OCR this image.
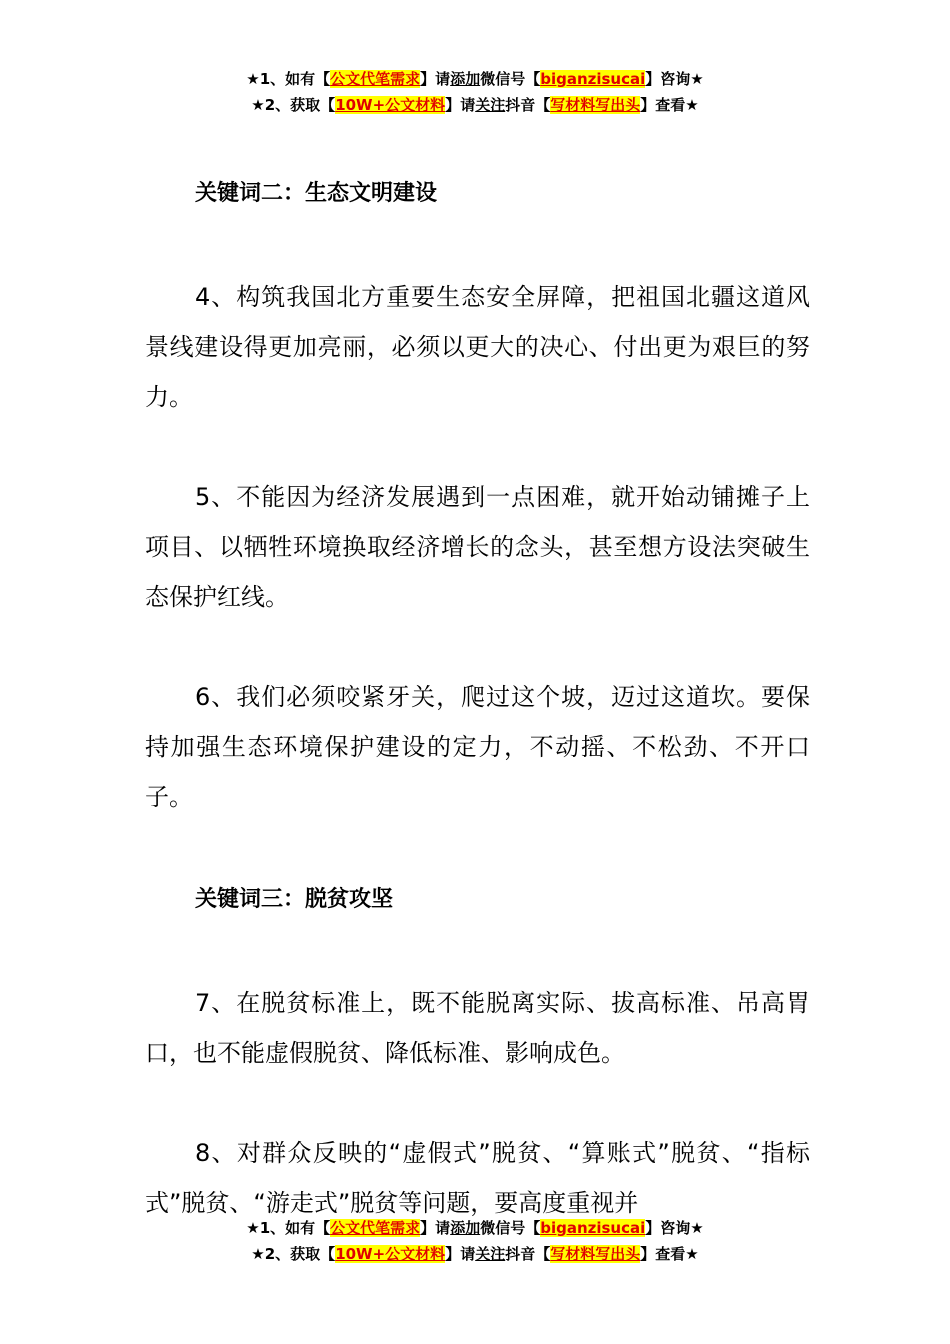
★1、如有【公文代笔需求】请添加微信号【biganzisucai】咨询★
★2、获取【10W+公文材料】请关注抖音【写材料写出头】查看★

关键词二：生态文明建设

4、构筑我国北方重要生态安全屏障，把祖国北疆这道风景线建设得更加亮丽，必须以更大的决心、付出更为艰巨的努力。

5、不能因为经济发展遇到一点困难，就开始动铺摊子上项目、以牺牲环境换取经济增长的念头，甚至想方设法突破生态保护红线。

6、我们必须咬紧牙关，爬过这个坡，迈过这道坎。要保持加强生态环境保护建设的定力，不动摇、不松劲、不开口子。

关键词三：脱贫攻坚

7、在脱贫标准上，既不能脱离实际、拔高标准、吊高胃口，也不能虚假脱贫、降低标准、影响成色。

8、对群众反映的“虚假式”脱贫、“算账式”脱贫、“指标式”脱贫、“游走式”脱贫等问题，要高度重视并

★1、如有【公文代笔需求】请添加微信号【biganzisucai】咨询★
★2、获取【10W+公文材料】请关注抖音【写材料写出头】查看★
